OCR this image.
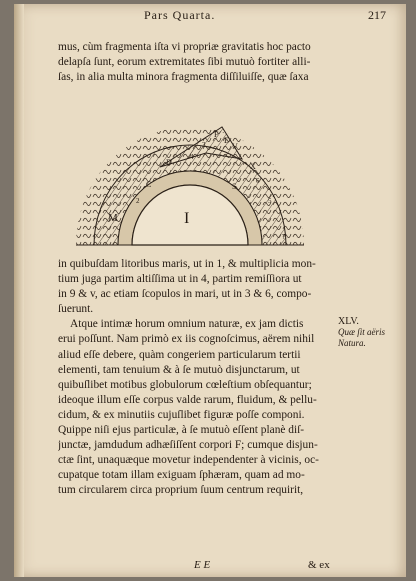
Pars Quarta.	217
mus, cùm fragmenta iſta vi propriæ gravitatis hoc pacto
delapſa ſunt, eorum extremitates ſibi mutuò fortiter alli-
ſas, in alia multa minora fragmenta diſſiluiſſe, quæ ſaxa
I
M
C
D
F
E
V
X
S
2
3
4
5
6
7
in quibuſdam litoribus maris, ut in 1, & multiplicia mon-
tium juga partim altiſſima ut in 4, partim remiſſiora ut
in 9 & v, ac etiam ſcopulos in mari, ut in 3 & 6, compo-
ſuerunt.
Atque intimæ horum omnium naturæ, ex jam dictis
erui poſſunt. Nam primò ex iis cognoſcimus, aërem nihil
aliud eſſe debere, quàm congeriem particularum tertii
elementi, tam tenuium & à ſe mutuò disjunctarum, ut
quibuſlibet motibus globulorum cœleſtium obſequantur;
ideoque illum eſſe corpus valde rarum, fluidum, & pellu-
cidum, & ex minutiis cujuſlibet figuræ poſſe componi.
Quippe niſi ejus particulæ, à ſe mutuò eſſent planè diſ-
junctæ, jamdudum adhæſiſſent corpori F; cumque disjun-
ctæ ſint, unaquæque movetur independenter à vicinis, oc-
cupatque totam illam exiguam ſphæram, quam ad mo-
tum circularem circa proprium ſuum centrum requirit,
XLV.
Quæ ſit aëris Natura.
E E	& ex
